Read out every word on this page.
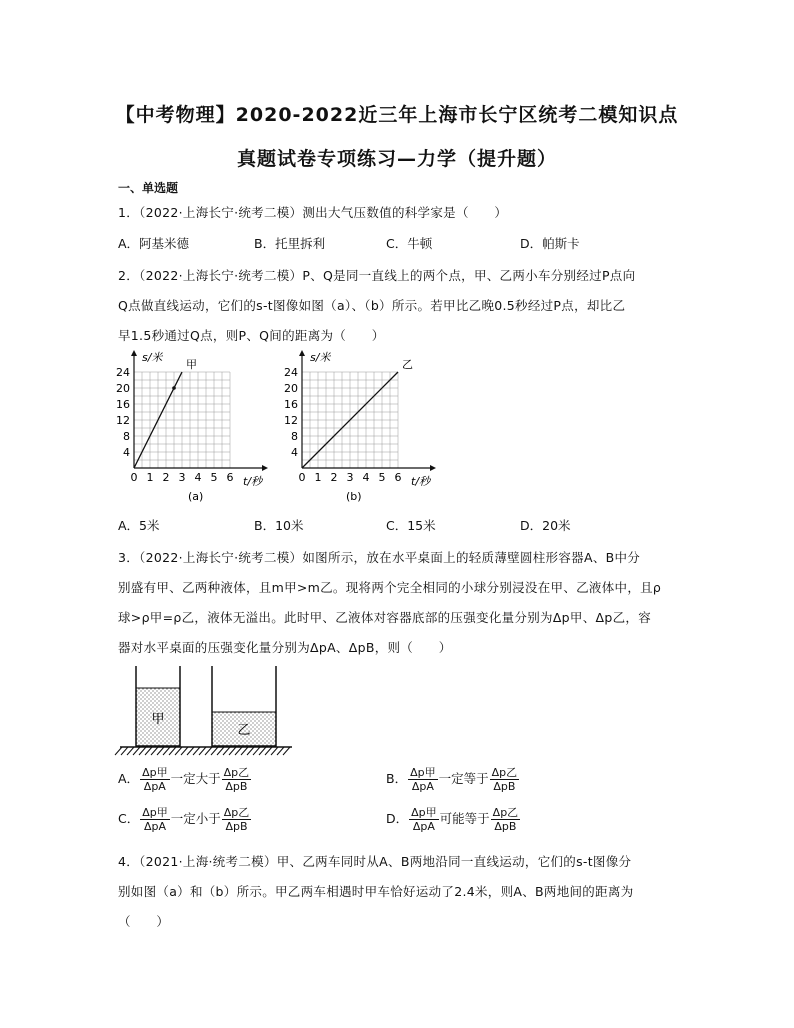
【中考物理】2020-2022近三年上海市长宁区统考二模知识点
真题试卷专项练习—力学（提升题）
一、单选题
1．（2022·上海长宁·统考二模）测出大气压数值的科学家是（　　）
A．阿基米德	B．托里拆利	C．牛顿	D．帕斯卡
2．（2022·上海长宁·统考二模）P、Q是同一直线上的两个点，甲、乙两小车分别经过P点向
Q点做直线运动，它们的s-t图像如图（a）、（b）所示。若甲比乙晚0.5秒经过P点，却比乙
早1.5秒通过Q点，则P、Q间的距离为（　　）
0 1 2 3 4 5 6
4
8
12
16
20
24
甲
s/米
t/秒
(a)
0 1 2 3 4 5 6
4
8
12
16
20
24
乙
s/米
t/秒
(b)
A．5米	B．10米	C．15米	D．20米
3．（2022·上海长宁·统考二模）如图所示，放在水平桌面上的轻质薄壁圆柱形容器A、B中分
别盛有甲、乙两种液体，且m甲>m乙。现将两个完全相同的小球分别浸没在甲、乙液体中，且ρ
球>ρ甲=ρ乙，液体无溢出。此时甲、乙液体对容器底部的压强变化量分别为Δp甲、Δp乙，容
器对水平桌面的压强变化量分别为ΔpA、ΔpB，则（　　）
甲
乙
A． $\frac{\text{Δp甲}}{\text{ΔpA}}$ 一定大于 $\frac{\text{Δp乙}}{\text{ΔpB}}$	B． $\frac{\text{Δp甲}}{\text{ΔpA}}$ 一定等于 $\frac{\text{Δp乙}}{\text{ΔpB}}$
C． $\frac{\text{Δp甲}}{\text{ΔpA}}$ 一定小于 $\frac{\text{Δp乙}}{\text{ΔpB}}$	D． $\frac{\text{Δp甲}}{\text{ΔpA}}$ 可能等于 $\frac{\text{Δp乙}}{\text{ΔpB}}$
4．（2021·上海·统考二模）甲、乙两车同时从A、B两地沿同一直线运动，它们的s-t图像分
别如图（a）和（b）所示。甲乙两车相遇时甲车恰好运动了2.4米，则A、B两地间的距离为
（　　）
